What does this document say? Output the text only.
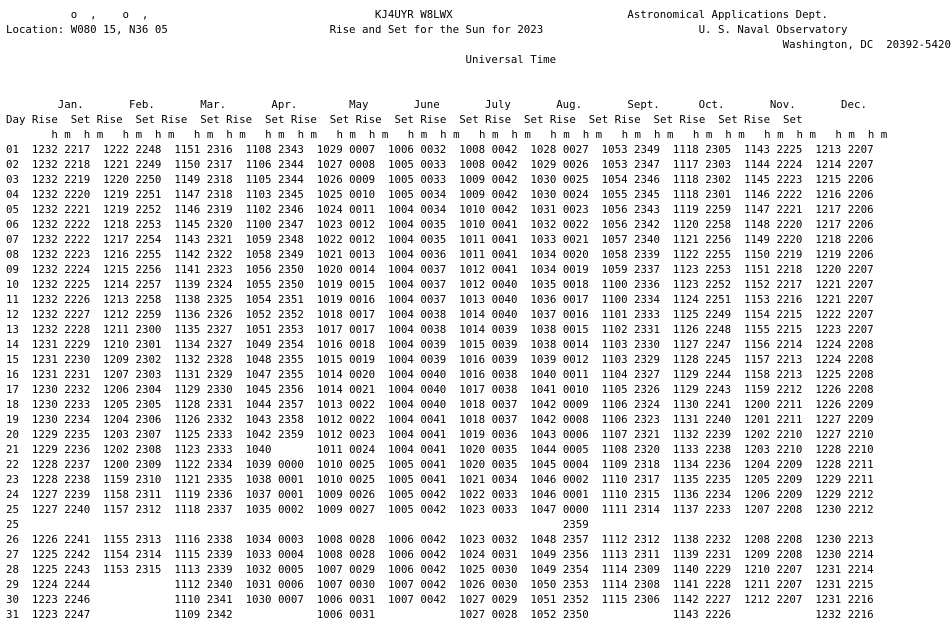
o  ,    o  ,	KJ4UYR W8LWX	Astronomical Applications Dept.
Location: W080 15, N36 05	Rise and Set for the Sun for 2023	U. S. Naval Observatory
Washington, DC  20392-5420
Universal Time

Jan.       Feb.       Mar.       Apr.        May       June       July       Aug.       Sept.      Oct.       Nov.       Dec.
Day Rise Set Rise Set Rise Set Rise Set Rise Set Rise Set Rise Set Rise Set Rise Set Rise Set Rise Set Rise Set
h m h m h m h m h m h m h m h m h m h m h m h m h m h m h m h m h m h m h m h m h m h m h m h m
01 1232 2217 1222 2248 1151 2316 1108 2343 1029 0007 1006 0032 1008 0042 1028 0027 1053 2349 1118 2305 1143 2225 1213 2207
02 1232 2218 1221 2249 1150 2317 1106 2344 1027 0008 1005 0033 1008 0042 1029 0026 1053 2347 1117 2303 1144 2224 1214 2207
03 1232 2219 1220 2250 1149 2318 1105 2344 1026 0009 1005 0033 1009 0042 1030 0025 1054 2346 1118 2302 1145 2223 1215 2206
04 1232 2220 1219 2251 1147 2318 1103 2345 1025 0010 1005 0034 1009 0042 1030 0024 1055 2345 1118 2301 1146 2222 1216 2206
05 1232 2221 1219 2252 1146 2319 1102 2346 1024 0011 1004 0034 1010 0042 1031 0023 1056 2343 1119 2259 1147 2221 1217 2206
06 1232 2222 1218 2253 1145 2320 1100 2347 1023 0012 1004 0035 1010 0041 1032 0022 1056 2342 1120 2258 1148 2220 1217 2206
07 1232 2222 1217 2254 1143 2321 1059 2348 1022 0012 1004 0035 1011 0041 1033 0021 1057 2340 1121 2256 1149 2220 1218 2206
08 1232 2223 1216 2255 1142 2322 1058 2349 1021 0013 1004 0036 1011 0041 1034 0020 1058 2339 1122 2255 1150 2219 1219 2206
09 1232 2224 1215 2256 1141 2323 1056 2350 1020 0014 1004 0037 1012 0041 1034 0019 1059 2337 1123 2253 1151 2218 1220 2207
10 1232 2225 1214 2257 1139 2324 1055 2350 1019 0015 1004 0037 1012 0040 1035 0018 1100 2336 1123 2252 1152 2217 1221 2207
11 1232 2226 1213 2258 1138 2325 1054 2351 1019 0016 1004 0037 1013 0040 1036 0017 1100 2334 1124 2251 1153 2216 1221 2207
12 1232 2227 1212 2259 1136 2326 1052 2352 1018 0017 1004 0038 1014 0040 1037 0016 1101 2333 1125 2249 1154 2215 1222 2207
13 1232 2228 1211 2300 1135 2327 1051 2353 1017 0017 1004 0038 1014 0039 1038 0015 1102 2331 1126 2248 1155 2215 1223 2207
14 1231 2229 1210 2301 1134 2327 1049 2354 1016 0018 1004 0039 1015 0039 1038 0014 1103 2330 1127 2247 1156 2214 1224 2208
15 1231 2230 1209 2302 1132 2328 1048 2355 1015 0019 1004 0039 1016 0039 1039 0012 1103 2329 1128 2245 1157 2213 1224 2208
16 1231 2231 1207 2303 1131 2329 1047 2355 1014 0020 1004 0040 1016 0038 1040 0011 1104 2327 1129 2244 1158 2213 1225 2208
17 1230 2232 1206 2304 1129 2330 1045 2356 1014 0021 1004 0040 1017 0038 1041 0010 1105 2326 1129 2243 1159 2212 1226 2208
18 1230 2233 1205 2305 1128 2331 1044 2357 1013 0022 1004 0040 1018 0037 1042 0009 1106 2324 1130 2241 1200 2211 1226 2209
19 1230 2234 1204 2306 1126 2332 1043 2358 1012 0022 1004 0041 1018 0037 1042 0008 1106 2323 1131 2240 1201 2211 1227 2209
20 1229 2235 1203 2307 1125 2333 1042 2359 1012 0023 1004 0041 1019 0036 1043 0006 1107 2321 1132 2239 1202 2210 1227 2210
21 1229 2236 1202 2308 1123 2333 1040	1011 0024 1004 0041 1020 0035 1044 0005 1108 2320 1133 2238 1203 2210 1228 2210
22 1228 2237 1200 2309 1122 2334 1039 0000 1010 0025 1005 0041 1020 0035 1045 0004 1109 2318 1134 2236 1204 2209 1228 2211
23 1228 2238 1159 2310 1121 2335 1038 0001 1010 0025 1005 0041 1021 0034 1046 0002 1110 2317 1135 2235 1205 2209 1229 2211
24 1227 2239 1158 2311 1119 2336 1037 0001 1009 0026 1005 0042 1022 0033 1046 0001 1110 2315 1136 2234 1206 2209 1229 2212
25 1227 2240 1157 2312 1118 2337 1035 0002 1009 0027 1005 0042 1023 0033 1047 0000 1111 2314 1137 2233 1207 2208 1230 2212
25	2359
26 1226 2241 1155 2313 1116 2338 1034 0003 1008 0028 1006 0042 1023 0032 1048 2357 1112 2312 1138 2232 1208 2208 1230 2213
27 1225 2242 1154 2314 1115 2339 1033 0004 1008 0028 1006 0042 1024 0031 1049 2356 1113 2311 1139 2231 1209 2208 1230 2214
28 1225 2243 1153 2315 1113 2339 1032 0005 1007 0029 1006 0042 1025 0030 1049 2354 1114 2309 1140 2229 1210 2207 1231 2214
29 1224 2244	1112 2340 1031 0006 1007 0030 1007 0042 1026 0030 1050 2353 1114 2308 1141 2228 1211 2207 1231 2215
30 1223 2246	1110 2341 1030 0007 1006 0031 1007 0042 1027 0029 1051 2352 1115 2306 1142 2227 1212 2207 1231 2216
31 1223 2247	1109 2342	1006 0031	1027 0028 1052 2350	1143 2226	1232 2216
